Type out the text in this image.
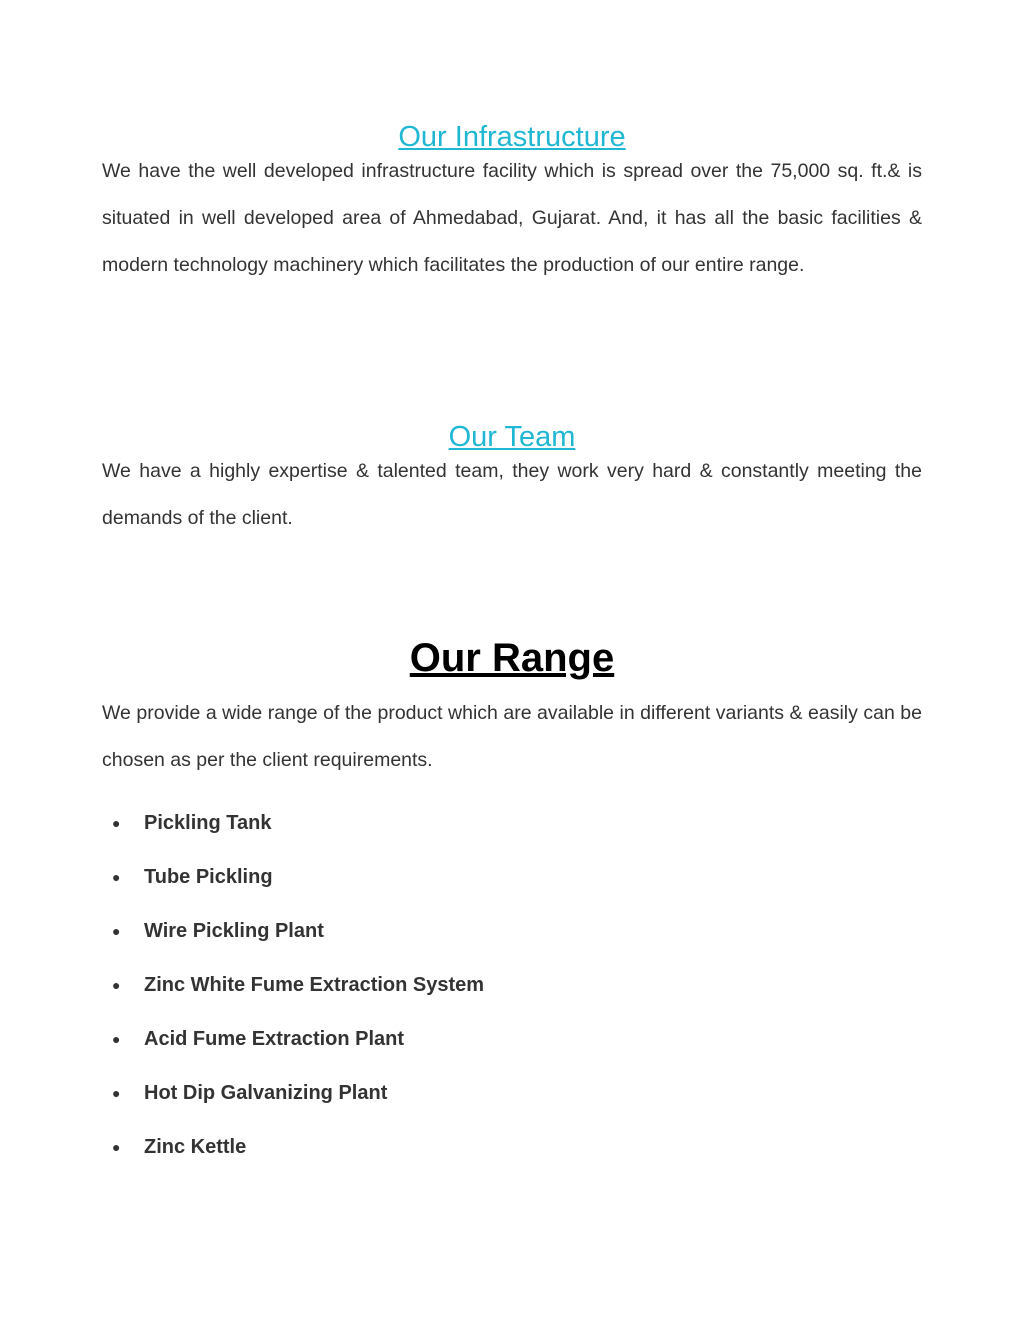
Our Infrastructure

We have the well developed infrastructure facility which is spread over the 75,000 sq. ft.& is situated in well developed area of Ahmedabad, Gujarat. And, it has all the basic facilities & modern technology machinery which facilitates the production of our entire range.

Our Team

We have a highly expertise & talented team, they work very hard & constantly meeting the demands of the client.

Our Range

We provide a wide range of the product which are available in different variants & easily can be chosen as per the client requirements.

●	Pickling Tank
●	Tube Pickling
●	Wire Pickling Plant
●	Zinc White Fume Extraction System
●	Acid Fume Extraction Plant
●	Hot Dip Galvanizing Plant
●	Zinc Kettle
